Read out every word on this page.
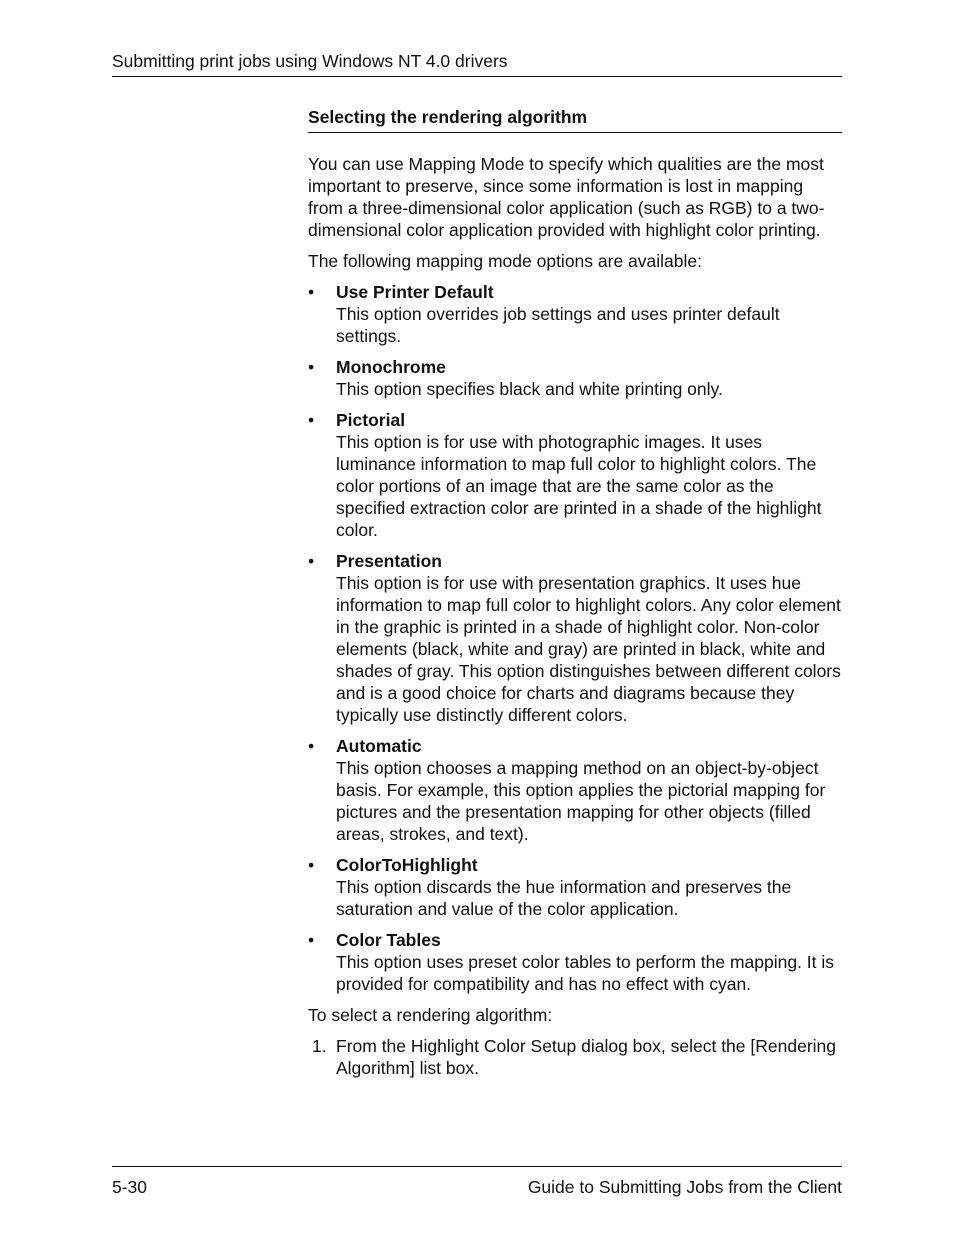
Submitting print jobs using Windows NT 4.0 drivers
Selecting the rendering algorithm

You can use Mapping Mode to specify which qualities are the most important to preserve, since some information is lost in mapping from a three-dimensional color application (such as RGB) to a two-dimensional color application provided with highlight color printing.

The following mapping mode options are available:

• Use Printer Default
This option overrides job settings and uses printer default settings.
• Monochrome
This option specifies black and white printing only.
• Pictorial
This option is for use with photographic images. It uses luminance information to map full color to highlight colors. The color portions of an image that are the same color as the specified extraction color are printed in a shade of the highlight color.
• Presentation
This option is for use with presentation graphics. It uses hue information to map full color to highlight colors. Any color element in the graphic is printed in a shade of highlight color. Non-color elements (black, white and gray) are printed in black, white and shades of gray. This option distinguishes between different colors and is a good choice for charts and diagrams because they typically use distinctly different colors.
• Automatic
This option chooses a mapping method on an object-by-object basis. For example, this option applies the pictorial mapping for pictures and the presentation mapping for other objects (filled areas, strokes, and text).
• ColorToHighlight
This option discards the hue information and preserves the saturation and value of the color application.
• Color Tables
This option uses preset color tables to perform the mapping. It is provided for compatibility and has no effect with cyan.

To select a rendering algorithm:

1. From the Highlight Color Setup dialog box, select the [Rendering Algorithm] list box.
5-30	Guide to Submitting Jobs from the Client
